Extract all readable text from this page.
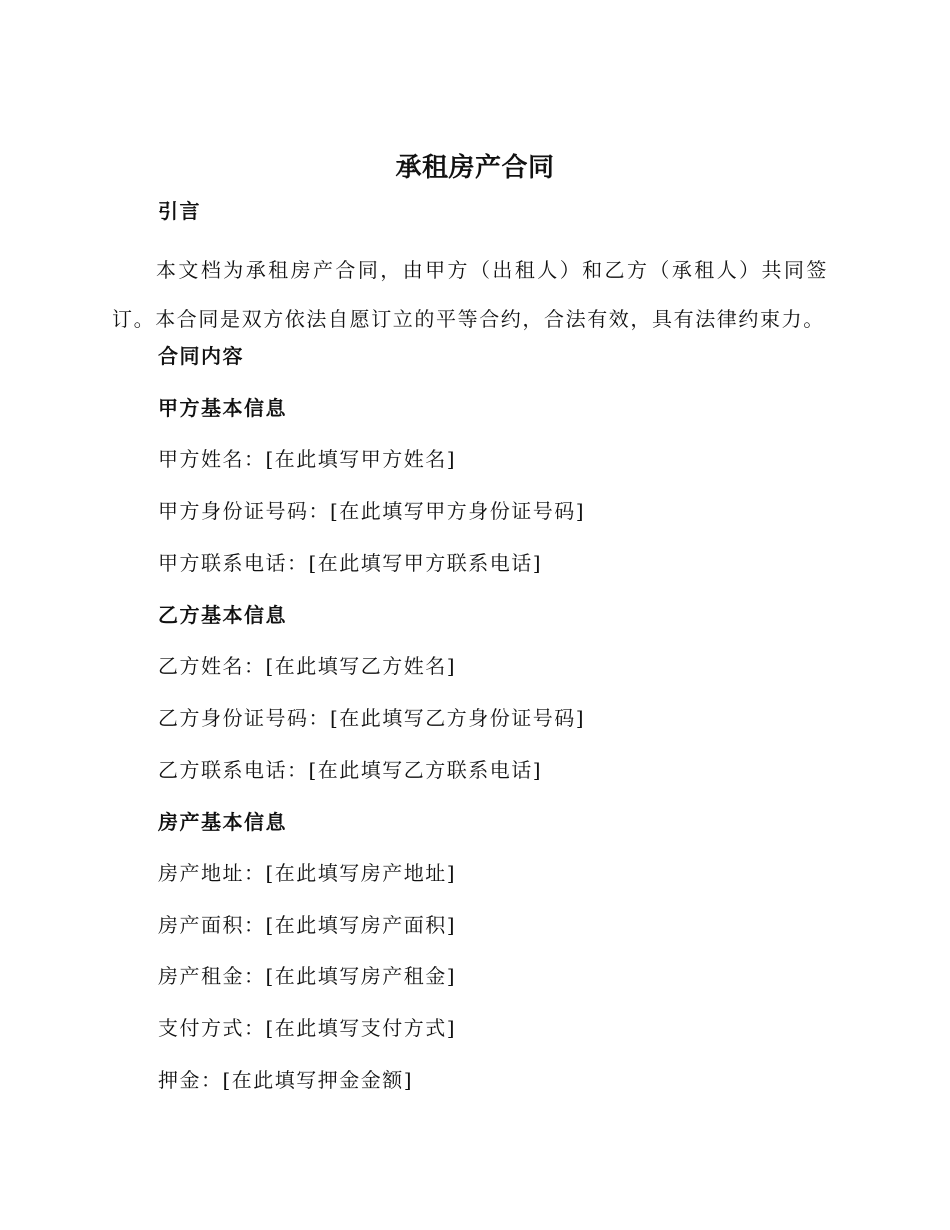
承租房产合同
引言
本文档为承租房产合同，由甲方（出租人）和乙方（承租人）共同签订。本合同是双方依法自愿订立的平等合约，合法有效，具有法律约束力。
合同内容
甲方基本信息
甲方姓名：[在此填写甲方姓名]
甲方身份证号码：[在此填写甲方身份证号码]
甲方联系电话：[在此填写甲方联系电话]
乙方基本信息
乙方姓名：[在此填写乙方姓名]
乙方身份证号码：[在此填写乙方身份证号码]
乙方联系电话：[在此填写乙方联系电话]
房产基本信息
房产地址：[在此填写房产地址]
房产面积：[在此填写房产面积]
房产租金：[在此填写房产租金]
支付方式：[在此填写支付方式]
押金：[在此填写押金金额]
